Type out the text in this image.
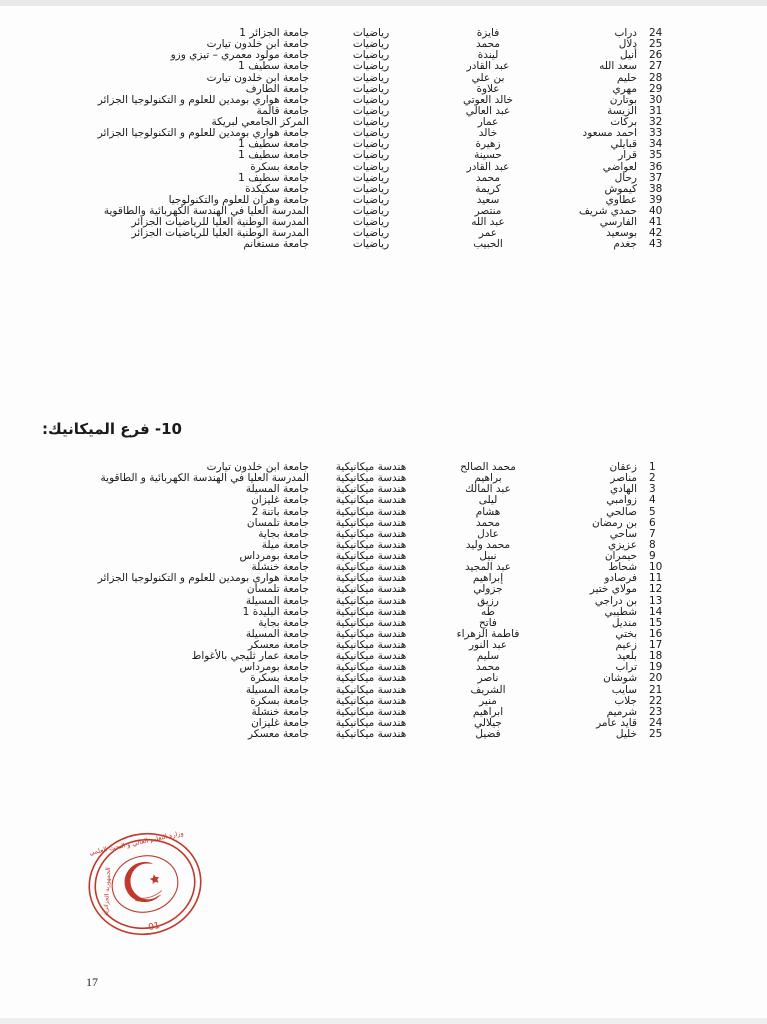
24	دراب	فايزة	رياضيات	جامعة الجزائر 1
25	دلال	محمد	رياضيات	جامعة ابن خلدون تيارت
26	أنيل	ليندة	رياضيات	جامعة مولود معمري – تيزي وزو
27	سعد الله	عبد القادر	رياضيات	جامعة سطيف 1
28	حليم	بن علي	رياضيات	جامعة ابن خلدون تيارت
29	مهري	علاوة	رياضيات	جامعة الطارف
30	بوتارن	خالد العوتي	رياضيات	جامعة هواري بومدين للعلوم و التكنولوجيا الجزائر
31	الزيسة	عبد العالي	رياضيات	جامعة قالمة
32	بركات	عمار	رياضيات	المركز الجامعي لبريكة
33	احمد مسعود	خالد	رياضيات	جامعة هواري بومدين للعلوم و التكنولوجيا الجزائر
34	قبايلي	زهيرة	رياضيات	جامعة سطيف 1
35	قرار	حسينة	رياضيات	جامعة سطيف 1
36	لعواضي	عبد القادر	رياضيات	جامعة بسكرة
37	رحال	محمد	رياضيات	جامعة سطيف 1
38	كيموش	كريمة	رياضيات	جامعة سكيكدة
39	عطاوي	سعيد	رياضيات	جامعة وهران للعلوم والتكنولوجيا
40	حمدي شريف	منتصر	رياضيات	المدرسة العليا في الهندسة الكهربائية والطاقوية
41	الفارسي	عبد الله	رياضيات	المدرسة الوطنية العليا للرياضيات الجزائر
42	بوسعيد	عمر	رياضيات	المدرسة الوطنية العليا للرياضيات الجزائر
43	جغدم	الحبيب	رياضيات	جامعة مستغانم
10- فرع الميكانيك:
1	زعقان	محمد الصالح	هندسة ميكانيكية	جامعة ابن خلدون تيارت
2	مناصر	براهيم	هندسة ميكانيكية	المدرسة العليا في الهندسة الكهربائية و الطاقوية
3	الهادي	عبد المالك	هندسة ميكانيكية	جامعة المسيلة
4	زوامبي	ليلى	هندسة ميكانيكية	جامعة غليزان
5	صالحي	هشام	هندسة ميكانيكية	جامعة باتنة 2
6	بن رمضان	محمد	هندسة ميكانيكية	جامعة تلمسان
7	ساحي	عادل	هندسة ميكانيكية	جامعة بجاية
8	عزيزي	محمد وليد	هندسة ميكانيكية	جامعة ميلة
9	حيمران	نبيل	هندسة ميكانيكية	جامعة بومرداس
10	شحاط	عبد المجيد	هندسة ميكانيكية	جامعة خنشلة
11	فرصادو	إبراهيم	هندسة ميكانيكية	جامعة هواري بومدين للعلوم و التكنولوجيا الجزائر
12	مولاي ختير	جزولي	هندسة ميكانيكية	جامعة تلمسان
13	بن دراجي	رزيق	هندسة ميكانيكية	جامعة المسيلة
14	شطيبي	طه	هندسة ميكانيكية	جامعة البليدة 1
15	منديل	فاتح	هندسة ميكانيكية	جامعة بجاية
16	بختي	فاطمة الزهراء	هندسة ميكانيكية	جامعة المسيلة
17	زعيم	عبد النور	هندسة ميكانيكية	جامعة معسكر
18	بلعيد	سليم	هندسة ميكانيكية	جامعة عمار ثليجي بالأغواط
19	تراب	محمد	هندسة ميكانيكية	جامعة بومرداس
20	شوشان	ناصر	هندسة ميكانيكية	جامعة بسكرة
21	سايب	الشريف	هندسة ميكانيكية	جامعة المسيلة
22	جلاب	منير	هندسة ميكانيكية	جامعة بسكرة
23	شرميم	ابراهيم	هندسة ميكانيكية	جامعة خنشلة
24	قايد عامر	جيلالي	هندسة ميكانيكية	جامعة غليزان
25	خليل	فضيل	هندسة ميكانيكية	جامعة معسكر
01
وزارة التعليم العالي و البحث العلمي
الجمهورية الجزائرية
17
